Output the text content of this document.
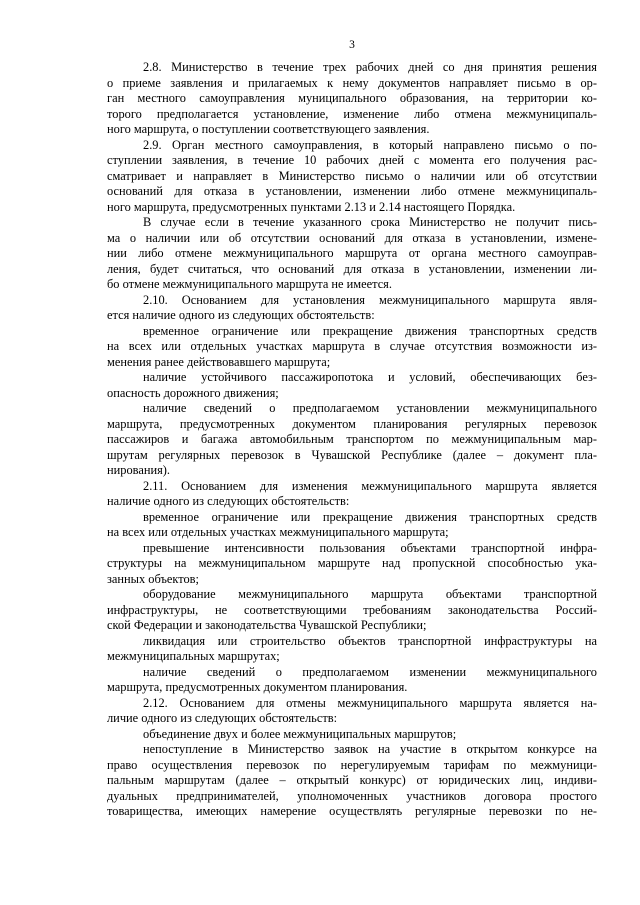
3
2.8. Министерство в течение трех рабочих дней со дня принятия решения
о приеме заявления и прилагаемых к нему документов направляет письмо в ор-
ган местного самоуправления муниципального образования, на территории ко-
торого предполагается установление, изменение либо отмена межмуниципаль-
ного маршрута, о поступлении соответствующего заявления.
2.9. Орган местного самоуправления, в который направлено письмо о по-
ступлении заявления, в течение 10 рабочих дней с момента его получения рас-
сматривает и направляет в Министерство письмо о наличии или об отсутствии
оснований для отказа в установлении, изменении либо отмене межмуниципаль-
ного маршрута, предусмотренных пунктами 2.13 и 2.14 настоящего Порядка.
В случае если в течение указанного срока Министерство не получит пись-
ма о наличии или об отсутствии оснований для отказа в установлении, измене-
нии либо отмене межмуниципального маршрута от органа местного самоуправ-
ления, будет считаться, что оснований для отказа в установлении, изменении ли-
бо отмене межмуниципального маршрута не имеется.
2.10. Основанием для установления межмуниципального маршрута явля-
ется наличие одного из следующих обстоятельств:
временное ограничение или прекращение движения транспортных средств
на всех или отдельных участках маршрута в случае отсутствия возможности из-
менения ранее действовавшего маршрута;
наличие устойчивого пассажиропотока и условий, обеспечивающих без-
опасность дорожного движения;
наличие сведений о предполагаемом установлении межмуниципального
маршрута, предусмотренных документом планирования регулярных перевозок
пассажиров и багажа автомобильным транспортом по межмуниципальным мар-
шрутам регулярных перевозок в Чувашской Республике (далее – документ пла-
нирования).
2.11. Основанием для изменения межмуниципального маршрута является
наличие одного из следующих обстоятельств:
временное ограничение или прекращение движения транспортных средств
на всех или отдельных участках межмуниципального маршрута;
превышение интенсивности пользования объектами транспортной инфра-
структуры на межмуниципальном маршруте над пропускной способностью ука-
занных объектов;
оборудование межмуниципального маршрута объектами транспортной
инфраструктуры, не соответствующими требованиям законодательства Россий-
ской Федерации и законодательства Чувашской Республики;
ликвидация или строительство объектов транспортной инфраструктуры на
межмуниципальных маршрутах;
наличие сведений о предполагаемом изменении межмуниципального
маршрута, предусмотренных документом планирования.
2.12. Основанием для отмены межмуниципального маршрута является на-
личие одного из следующих обстоятельств:
объединение двух и более межмуниципальных маршрутов;
непоступление в Министерство заявок на участие в открытом конкурсе на
право осуществления перевозок по нерегулируемым тарифам по межмуници-
пальным маршрутам (далее – открытый конкурс) от юридических лиц, индиви-
дуальных предпринимателей, уполномоченных участников договора простого
товарищества, имеющих намерение осуществлять регулярные перевозки по не-
